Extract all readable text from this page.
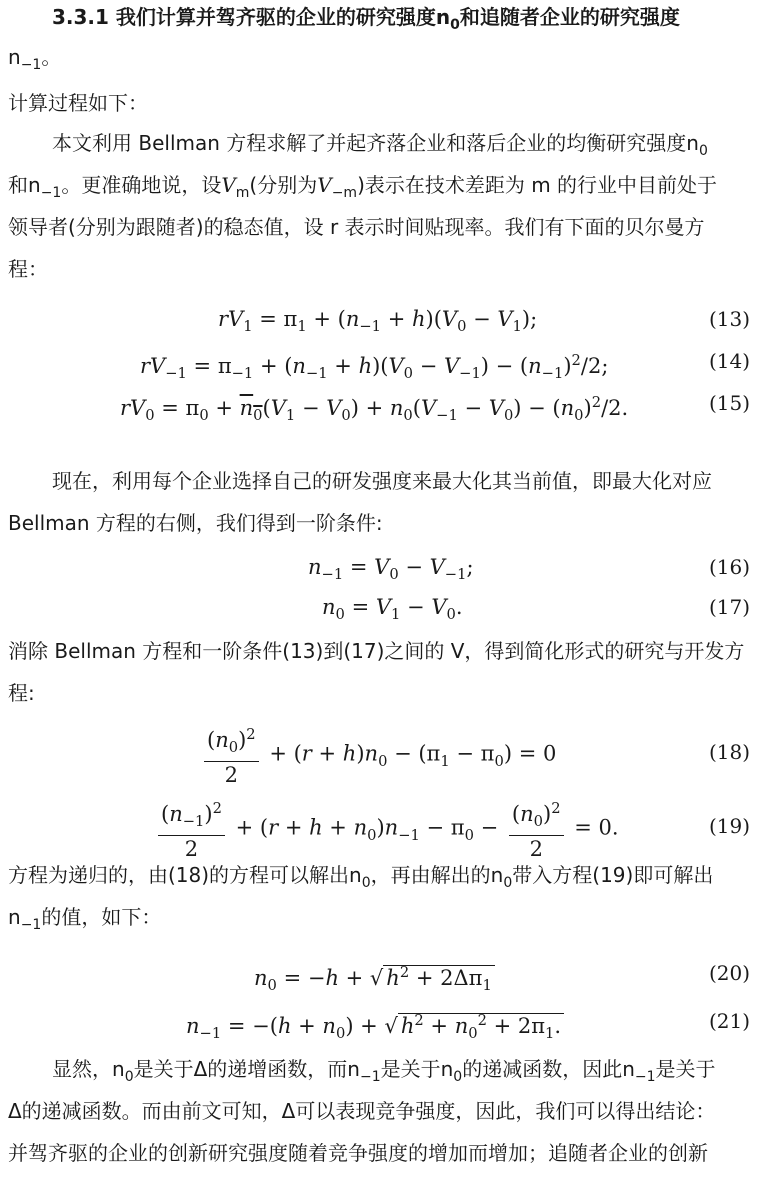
3.3.1 我们计算并驾齐驱的企业的研究强度$n_0$和追随者企业的研究强度
$n_{-1}$。
计算过程如下：
本文利用 Bellman 方程求解了并起齐落企业和落后企业的均衡研究强度$n_0$
和$n_{-1}$。更准确地说，设$V_m$(分别为$V_{-m}$)表示在技术差距为 m 的行业中目前处于
领导者(分别为跟随者)的稳态值，设 r 表示时间贴现率。我们有下面的贝尔曼方
程：
$rV_1 = \pi_1 + (n_{-1} + h)(V_0 - V_1)$;	(13)
$rV_{-1} = \pi_{-1} + (n_{-1} + h)(V_0 - V_{-1}) - (n_{-1})^2/2$;	(14)
$rV_0 = \pi_0 + n_0(V_1 - V_0) + n_0(V_{-1} - V_0) - (n_0)^2/2$.	(15)
现在，利用每个企业选择自己的研发强度来最大化其当前值，即最大化对应
Bellman 方程的右侧，我们得到一阶条件:
$n_{-1} = V_0 - V_{-1}$;	(16)
$n_0 = V_1 - V_0$.	(17)
消除 Bellman 方程和一阶条件(13)到(17)之间的 V，得到简化形式的研究与开发方
程:
$\frac{(n_0)^2}{2} + (r + h)n_0 - (\pi_1 - \pi_0) = 0$	(18)
$\frac{(n_{-1})^2}{2} + (r + h + n_0)n_{-1} - \pi_0 - \frac{(n_0)^2}{2} = 0$.	(19)
方程为递归的，由(18)的方程可以解出$n_0$，再由解出的$n_0$带入方程(19)即可解出
$n_{-1}$的值，如下：
$n_0 = -h$ + √ $h^2 + 2\Delta\pi_1$
(20)
$n_{-1} = -(h + n_0)$ + √ $h^2 + n_0^2 + 2\pi_1$.	(21)
显然，$n_0$是关于Δ的递增函数，而$n_{-1}$是关于$n_0$的递减函数，因此$n_{-1}$是关于
Δ的递减函数。而由前文可知，Δ可以表现竞争强度，因此，我们可以得出结论：
并驾齐驱的企业的创新研究强度随着竞争强度的增加而增加；追随者企业的创新
